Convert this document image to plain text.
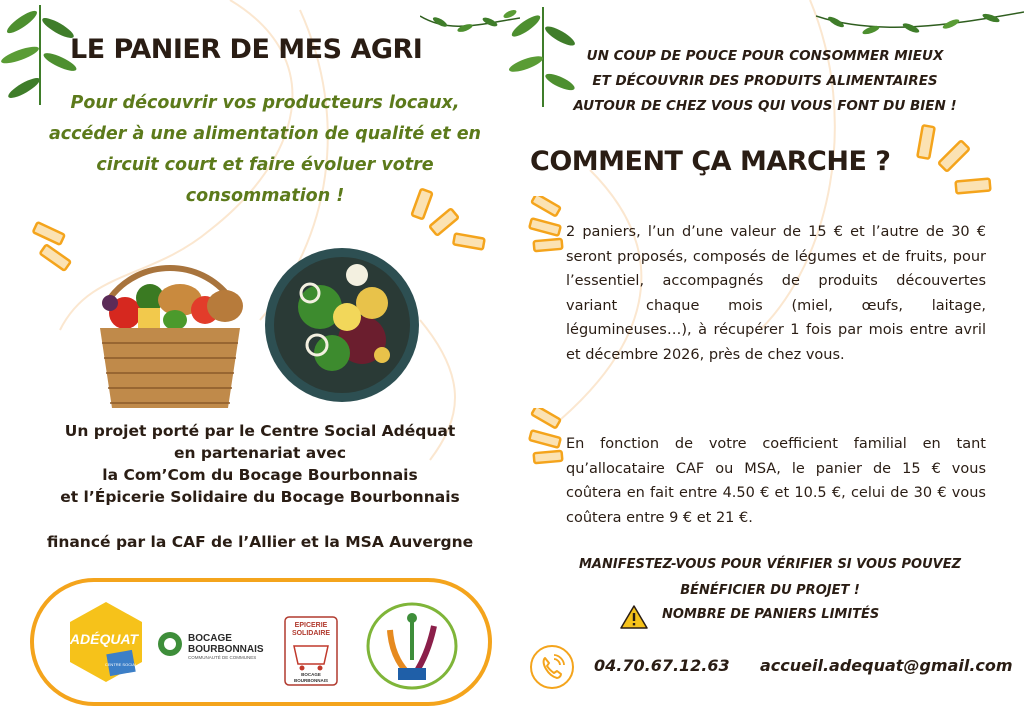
LE PANIER DE MES AGRI
Pour découvrir vos producteurs locaux,
accéder à une alimentation de qualité et en
circuit court et faire évoluer votre
consommation !
Un projet porté par le Centre Social Adéquat
en partenariat avec
la Com’Com du Bocage Bourbonnais
et l’Épicerie Solidaire du Bocage Bourbonnais
financé par la CAF de l’Allier et la MSA Auvergne
ADÉQUAT
CENTRE SOCIAL
BOCAGE
BOURBONNAIS
COMMUNAUTÉ DE COMMUNES
EPICERIE
SOLIDAIRE
BOCAGE
BOURBONNAIS
UN COUP DE POUCE POUR CONSOMMER MIEUX
ET DÉCOUVRIR DES PRODUITS ALIMENTAIRES
AUTOUR DE CHEZ VOUS QUI VOUS FONT DU BIEN !
COMMENT ÇA MARCHE ?
2 paniers, l’un d’une valeur de 15 € et l’autre de 30 € seront proposés, composés de légumes et de fruits, pour l’essentiel, accompagnés de produits découvertes variant chaque mois (miel, œufs, laitage, légumineuses…), à récupérer 1 fois par mois entre avril et décembre 2026, près de chez vous.
En fonction de votre coefficient familial en tant qu’allocataire CAF ou MSA, le panier de 15 € vous coûtera en fait entre 4.50 € et 10.5 €, celui de 30 € vous coûtera entre 9 € et 21 €.
MANIFESTEZ-VOUS POUR VÉRIFIER SI VOUS POUVEZ
BÉNÉFICIER DU PROJET !
NOMBRE DE PANIERS LIMITÉS
04.70.67.12.63 accueil.adequat@gmail.com
